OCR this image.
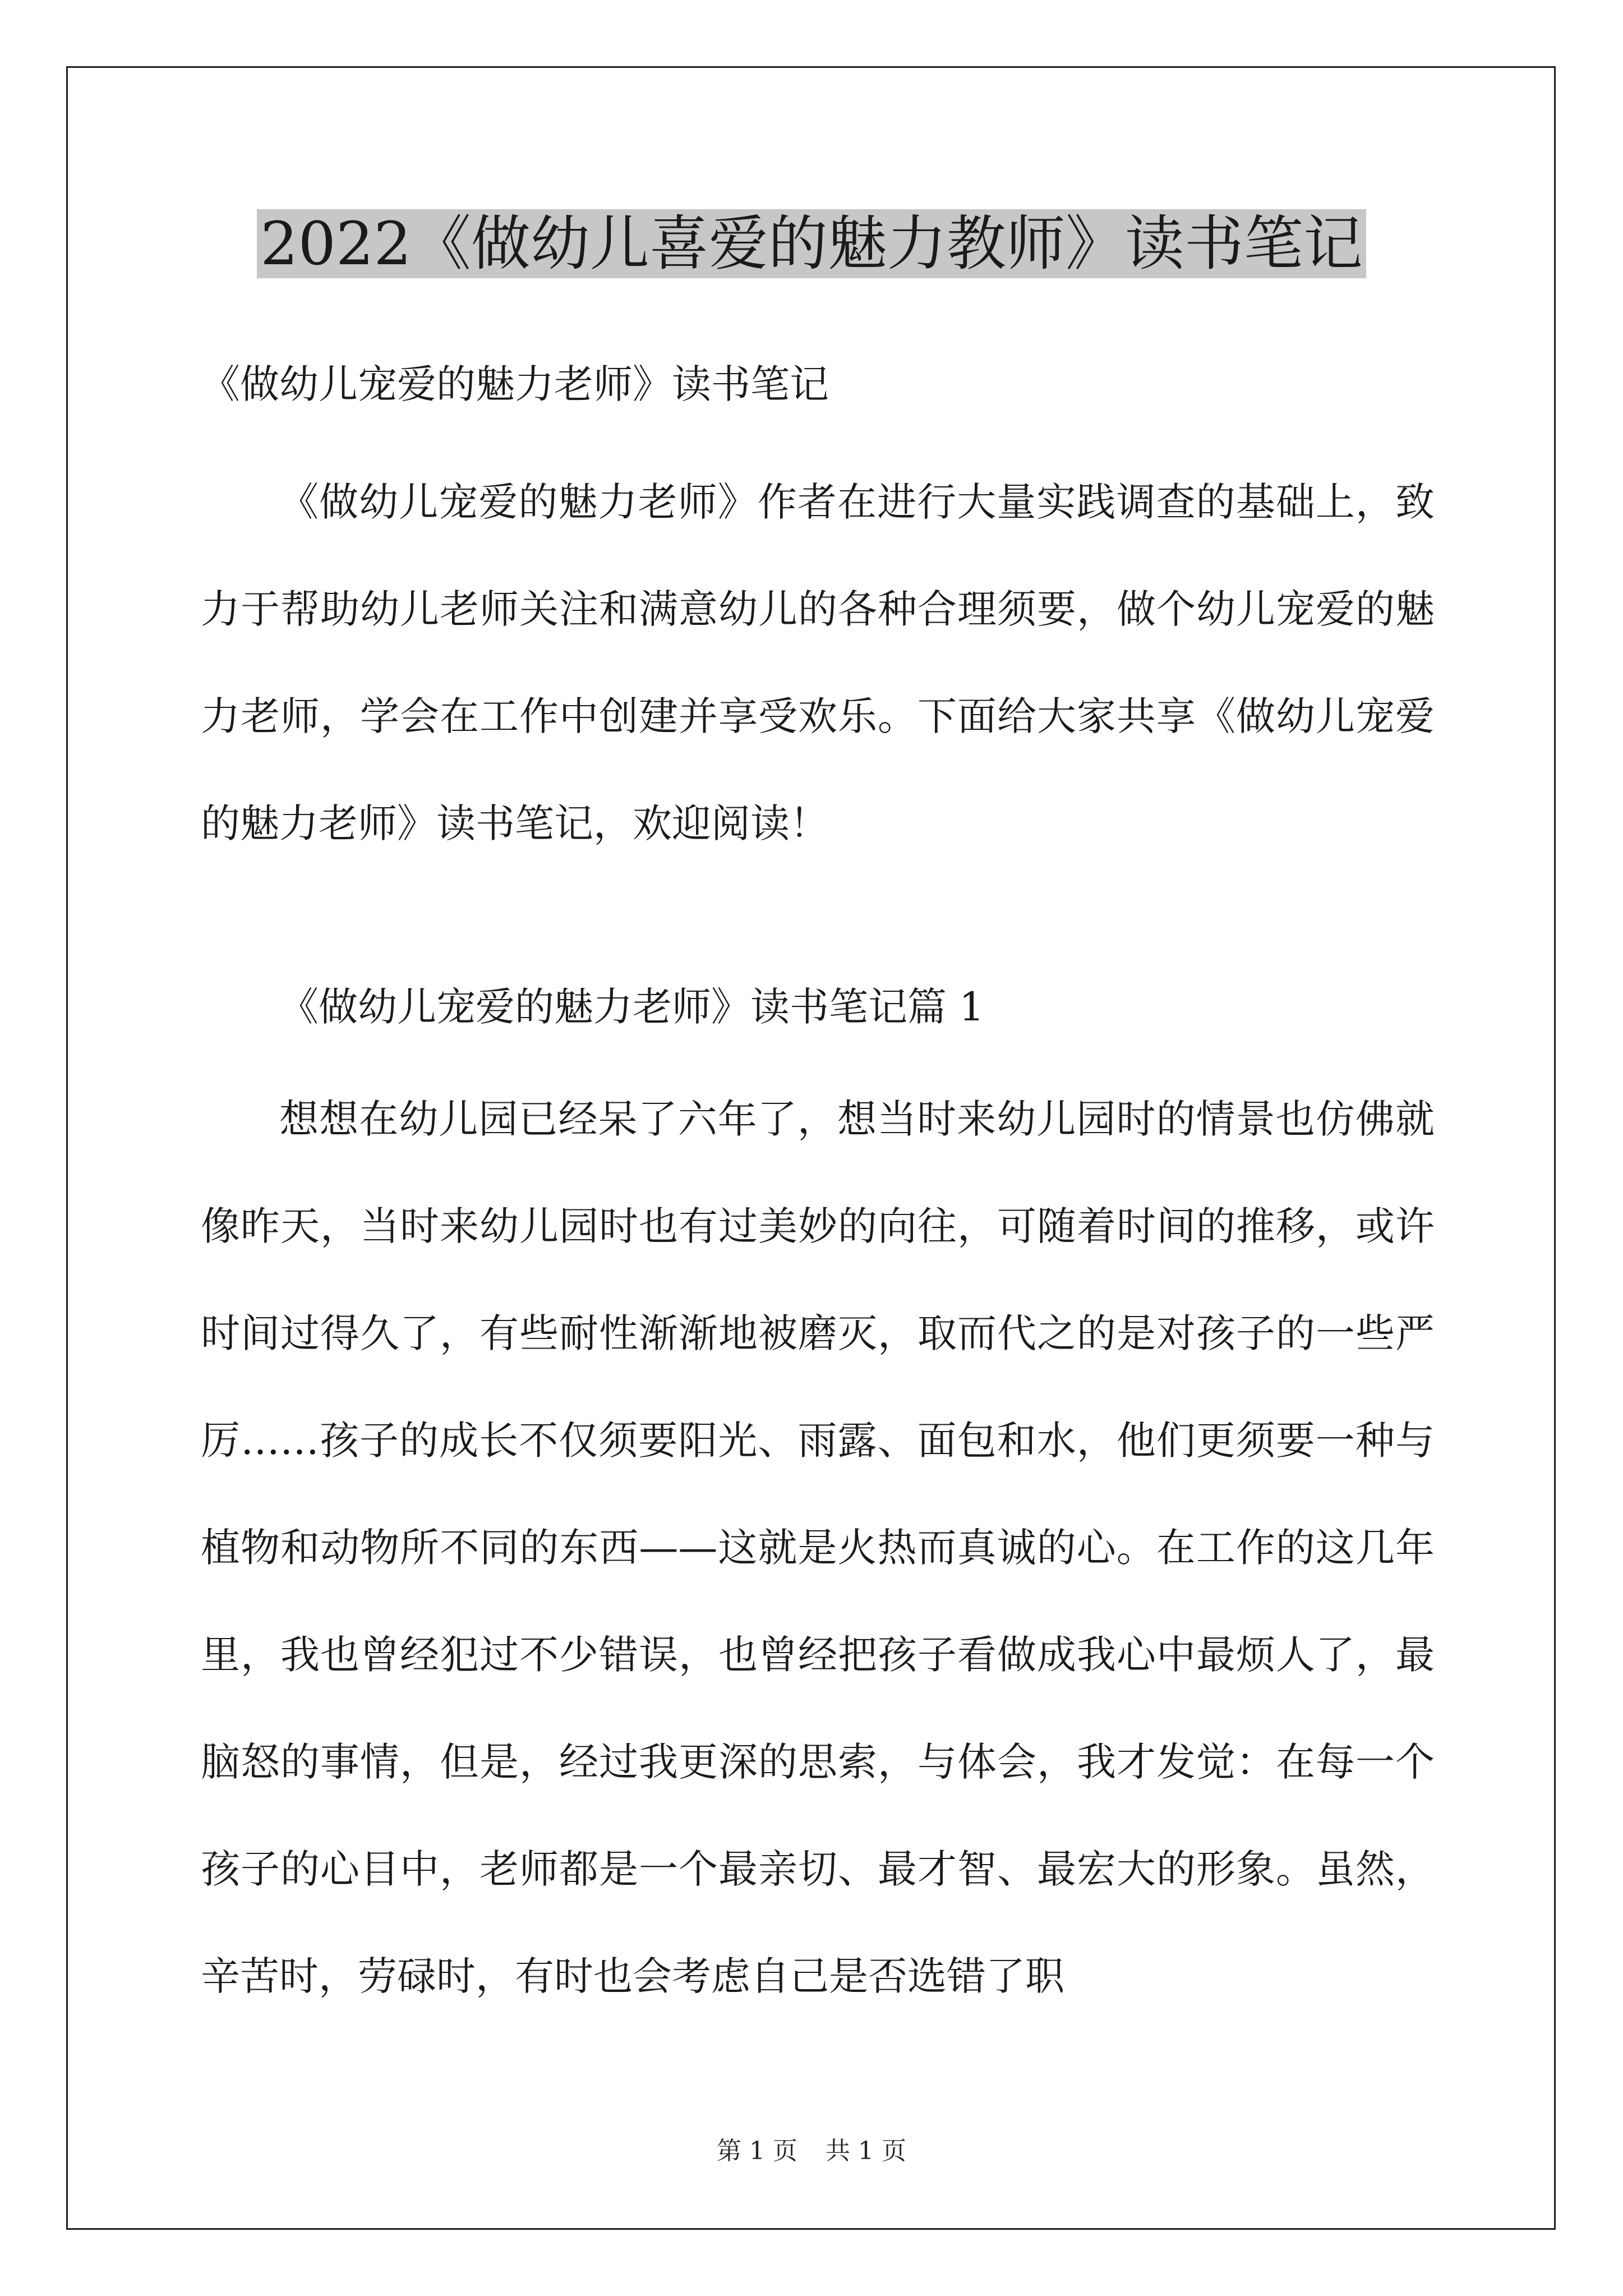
2022《做幼儿喜爱的魅力教师》读书笔记

《做幼儿宠爱的魅力老师》读书笔记

《做幼儿宠爱的魅力老师》作者在进行大量实践调查的基础上，致力于帮助幼儿老师关注和满意幼儿的各种合理须要，做个幼儿宠爱的魅力老师，学会在工作中创建并享受欢乐。下面给大家共享《做幼儿宠爱的魅力老师》读书笔记，欢迎阅读！

《做幼儿宠爱的魅力老师》读书笔记篇 1

想想在幼儿园已经呆了六年了，想当时来幼儿园时的情景也仿佛就像昨天，当时来幼儿园时也有过美妙的向往，可随着时间的推移，或许时间过得久了，有些耐性渐渐地被磨灭，取而代之的是对孩子的一些严厉……孩子的成长不仅须要阳光、雨露、面包和水，他们更须要一种与植物和动物所不同的东西——这就是火热而真诚的心。在工作的这几年里，我也曾经犯过不少错误，也曾经把孩子看做成我心中最烦人了，最脑怒的事情，但是，经过我更深的思索，与体会，我才发觉：在每一个孩子的心目中，老师都是一个最亲切、最才智、最宏大的形象。虽然，辛苦时，劳碌时，有时也会考虑自己是否选错了职

第 1 页 共 1 页
